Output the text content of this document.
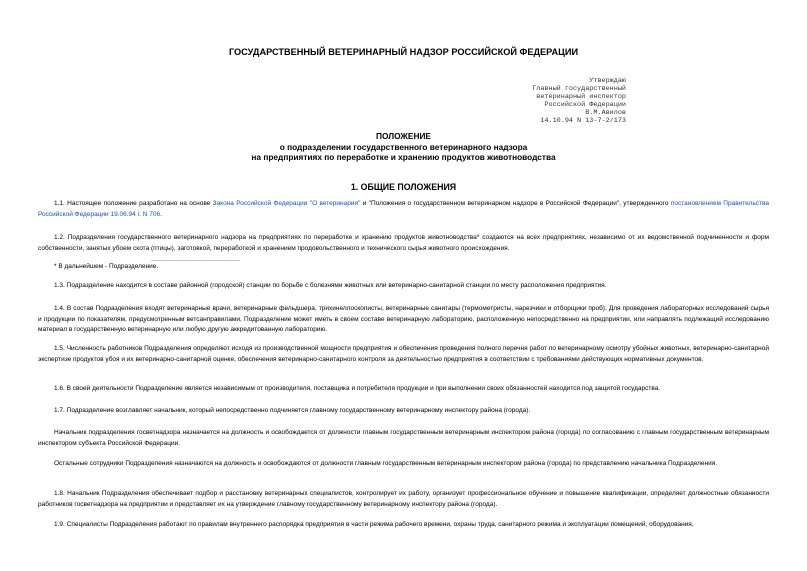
ГОСУДАРСТВЕННЫЙ ВЕТЕРИНАРНЫЙ НАДЗОР РОССИЙСКОЙ ФЕДЕРАЦИИ
Утверждаю
Главный государственный
ветеринарный инспектор
Российской Федерации
В.М.Авилов
14.10.94 N 13-7-2/173
ПОЛОЖЕНИЕ
о подразделении государственного ветеринарного надзора
на предприятиях по переработке и хранению продуктов животноводства
1. ОБЩИЕ ПОЛОЖЕНИЯ
1.1. Настоящее положение разработано на основе Закона Российской Федерации "О ветеринарии" и "Положения о государственном ветеринарном надзоре в Российской Федерации", утвержденного постановлением Правительства Российской Федерации 19.06.94 г. N 706.
1.2. Подразделения государственного ветеринарного надзора на предприятиях по переработке и хранению продуктов животноводства* создаются на всех предприятиях, независимо от их ведомственной подчиненности и форм собственности, занятых убоем скота (птицы), заготовкой, переработкой и хранением продовольственного и технического сырья животного происхождения.
________________________
* В дальнейшем - Подразделение.
1.3. Подразделение находится в составе районной (городской) станции по борьбе с болезнями животных или ветеринарно-санитарной станции по месту расположения предприятия.
1.4. В состав Подразделения входят ветеринарные врачи, ветеринарные фельдшера, трихинеллоскописты, ветеринарные санитары (термометристы, нарезчики и отборщики проб). Для проведения лабораторных исследований сырья и продукции по показателям, предусмотренным ветсанправилами, Подразделение может иметь в своем составе ветеринарную лабораторию, расположенную непосредственно на предприятии, или направлять подлежащий исследованию материал в государственную ветеринарную или любую другую аккредитованную лабораторию.
1.5. Численность работников Подразделения определяют исходя из производственной мощности предприятия и обеспечения проведения полного перечня работ по ветеринарному осмотру убойных животных, ветеринарно-санитарной экспертизе продуктов убоя и их ветеринарно-санитарной оценке, обеспечения ветеринарно-санитарного контроля за деятельностью предприятия в соответствии с требованиями действующих нормативных документов.
1.6. В своей деятельности Подразделение является независимым от производителя, поставщика и потребителя продукции и при выполнении своих обязанностей находится под защитой государства.
1.7. Подразделение возглавляет начальник, который непосредственно подчиняется главному государственному ветеринарному инспектору района (города).
Начальник подразделения госветнадзора назначается на должность и освобождается от должности главным государственным ветеринарным инспектором района (города) по согласованию с главным государственным ветеринарным инспектором субъекта Российской Федерации.
Остальные сотрудники Подразделения назначаются на должность и освобождаются от должности главным государственным ветеринарным инспектором района (города) по представлению начальника Подразделения.
1.8. Начальник Подразделения обеспечивает подбор и расстановку ветеринарных специалистов, контролирует их работу, организует профессиональное обучение и повышение квалификации, определяет должностные обязанности работников госветнадзора на предприятии и представляет их на утверждение главному государственному ветеринарному инспектору района (города).
1.9. Специалисты Подразделения работают по правилам внутреннего распорядка предприятия в части режима рабочего времени, охраны труда, санитарного режима и эксплуатации помещений, оборудования,
